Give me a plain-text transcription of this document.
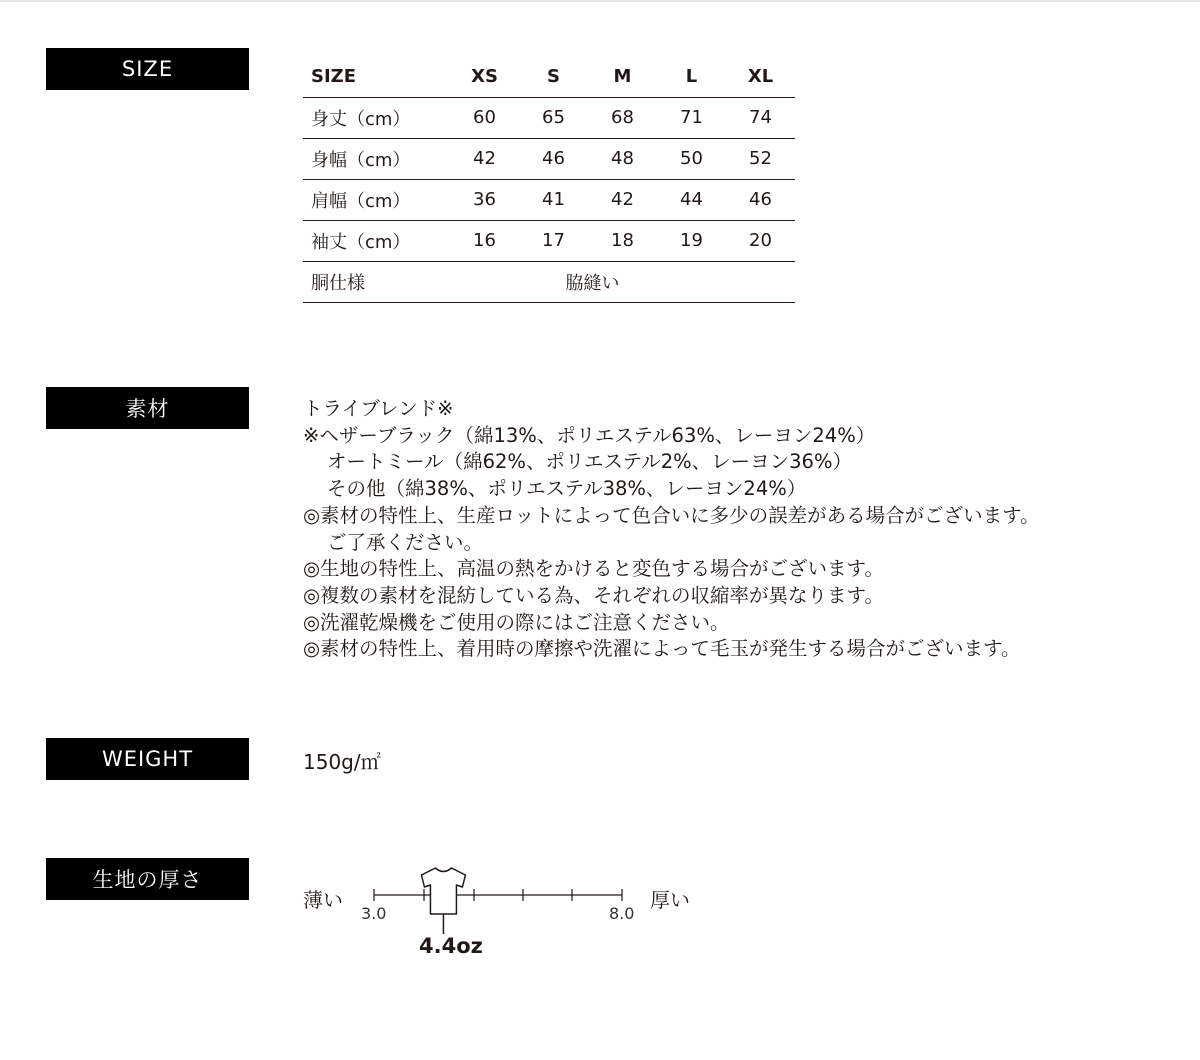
SIZE	SIZE	XS	S	M	L	XL
身丈（cm）	60	65	68	71	74
身幅（cm）	42	46	48	50	52
肩幅（cm）	36	41	42	44	46
袖丈（cm）	16	17	18	19	20
胴仕様	脇縫い				
素材	トライブレンド※
※ヘザーブラック（綿13%、ポリエステル63%、レーヨン24%）
オートミール（綿62%、ポリエステル2%、レーヨン36%）
その他（綿38%、ポリエステル38%、レーヨン24%）
◎素材の特性上、生産ロットによって色合いに多少の誤差がある場合がございます。
ご了承ください。
◎生地の特性上、高温の熱をかけると変色する場合がございます。
◎複数の素材を混紡している為、それぞれの収縮率が異なります。
◎洗濯乾燥機をご使用の際にはご注意ください。
◎素材の特性上、着用時の摩擦や洗濯によって毛玉が発生する場合がございます。
WEIGHT	150g/㎡
生地の厚さ
薄い	厚い
3.0	8.0
4.4oz
